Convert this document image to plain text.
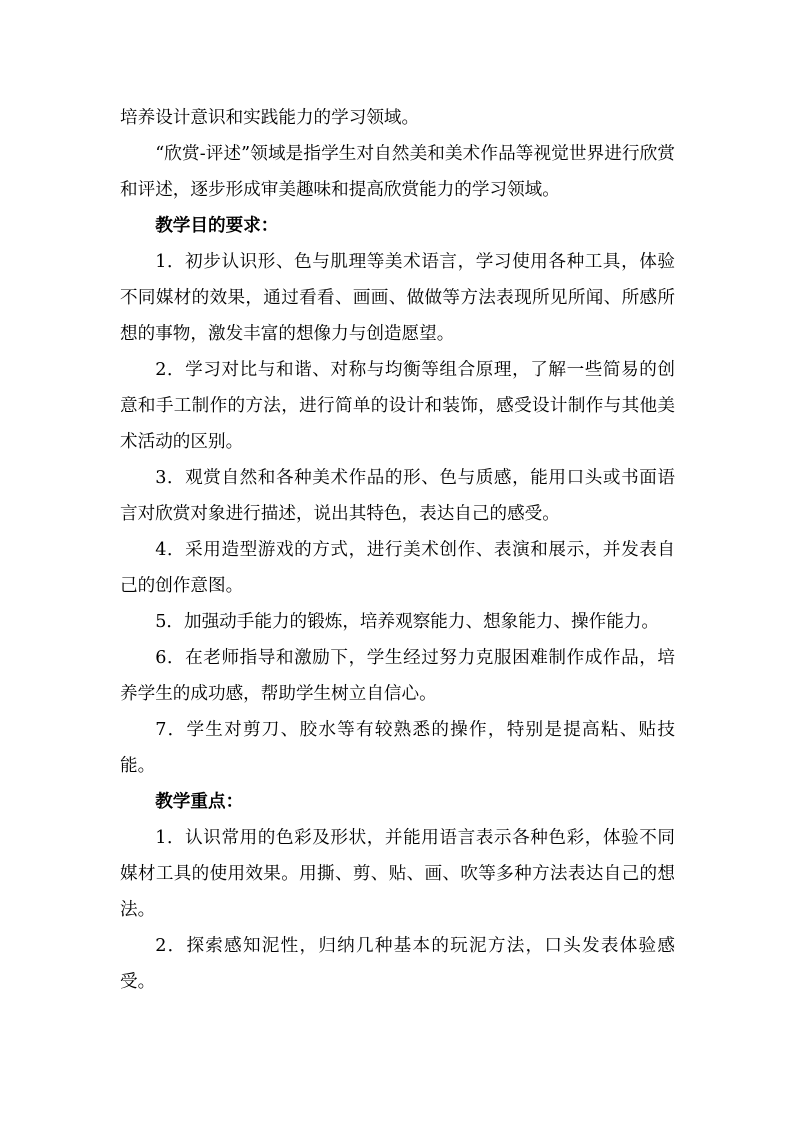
培养设计意识和实践能力的学习领域。

“欣赏-评述”领域是指学生对自然美和美术作品等视觉世界进行欣赏和评述，逐步形成审美趣味和提高欣赏能力的学习领域。

教学目的要求：

1．初步认识形、色与肌理等美术语言，学习使用各种工具，体验不同媒材的效果，通过看看、画画、做做等方法表现所见所闻、所感所想的事物，激发丰富的想像力与创造愿望。

2．学习对比与和谐、对称与均衡等组合原理，了解一些简易的创意和手工制作的方法，进行简单的设计和装饰，感受设计制作与其他美术活动的区别。

3．观赏自然和各种美术作品的形、色与质感，能用口头或书面语言对欣赏对象进行描述，说出其特色，表达自己的感受。

4．采用造型游戏的方式，进行美术创作、表演和展示，并发表自己的创作意图。

5．加强动手能力的锻炼，培养观察能力、想象能力、操作能力。

6．在老师指导和激励下，学生经过努力克服困难制作成作品，培养学生的成功感，帮助学生树立自信心。

7．学生对剪刀、胶水等有较熟悉的操作，特别是提高粘、贴技能。

教学重点：

1．认识常用的色彩及形状，并能用语言表示各种色彩，体验不同媒材工具的使用效果。用撕、剪、贴、画、吹等多种方法表达自己的想法。

2．探索感知泥性，归纳几种基本的玩泥方法，口头发表体验感受。
